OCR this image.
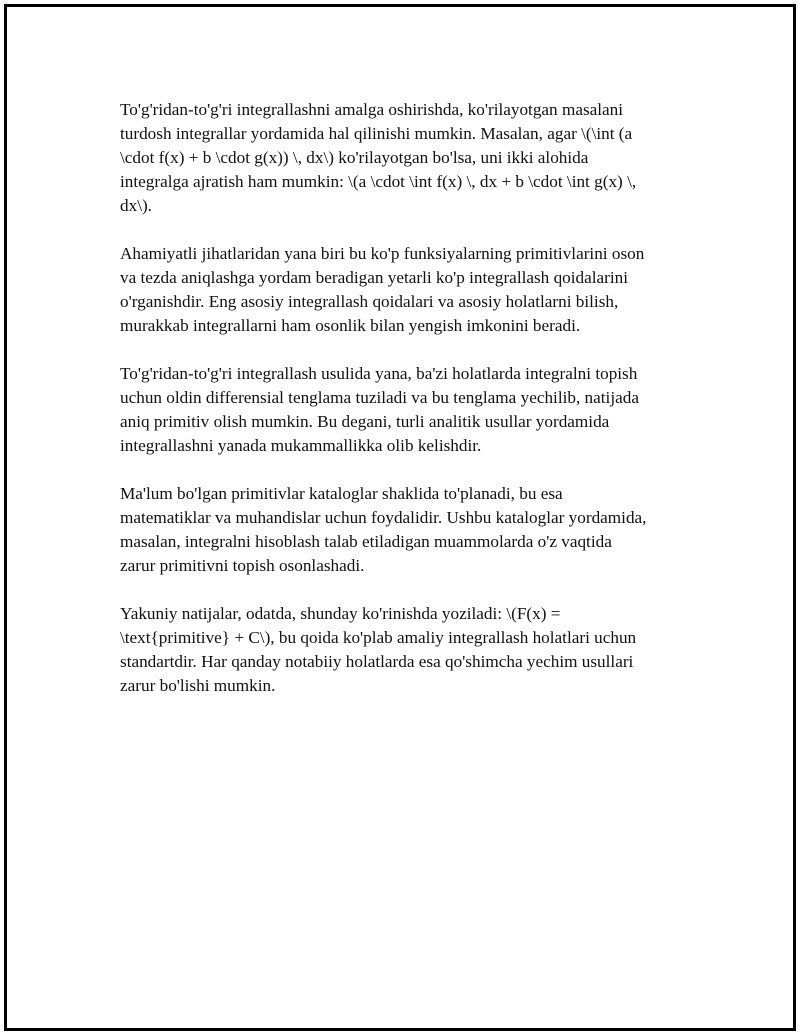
To'g'ridan-to'g'ri integrallashni amalga oshirishda, ko'rilayotgan masalani
turdosh integrallar yordamida hal qilinishi mumkin. Masalan, agar \(\int (a
\cdot f(x) + b \cdot g(x)) \, dx\) ko'rilayotgan bo'lsa, uni ikki alohida
integralga ajratish ham mumkin: \(a \cdot \int f(x) \, dx + b \cdot \int g(x) \,
dx\).

Ahamiyatli jihatlaridan yana biri bu ko'p funksiyalarning primitivlarini oson
va tezda aniqlashga yordam beradigan yetarli ko'p integrallash qoidalarini
o'rganishdir. Eng asosiy integrallash qoidalari va asosiy holatlarni bilish,
murakkab integrallarni ham osonlik bilan yengish imkonini beradi.

To'g'ridan-to'g'ri integrallash usulida yana, ba'zi holatlarda integralni topish
uchun oldin differensial tenglama tuziladi va bu tenglama yechilib, natijada
aniq primitiv olish mumkin. Bu degani, turli analitik usullar yordamida
integrallashni yanada mukammallikka olib kelishdir.

Ma'lum bo'lgan primitivlar kataloglar shaklida to'planadi, bu esa
matematiklar va muhandislar uchun foydalidir. Ushbu kataloglar yordamida,
masalan, integralni hisoblash talab etiladigan muammolarda o'z vaqtida
zarur primitivni topish osonlashadi.

Yakuniy natijalar, odatda, shunday ko'rinishda yoziladi: \(F(x) =
\text{primitive} + C\), bu qoida ko'plab amaliy integrallash holatlari uchun
standartdir. Har qanday notabiiy holatlarda esa qo'shimcha yechim usullari
zarur bo'lishi mumkin.
